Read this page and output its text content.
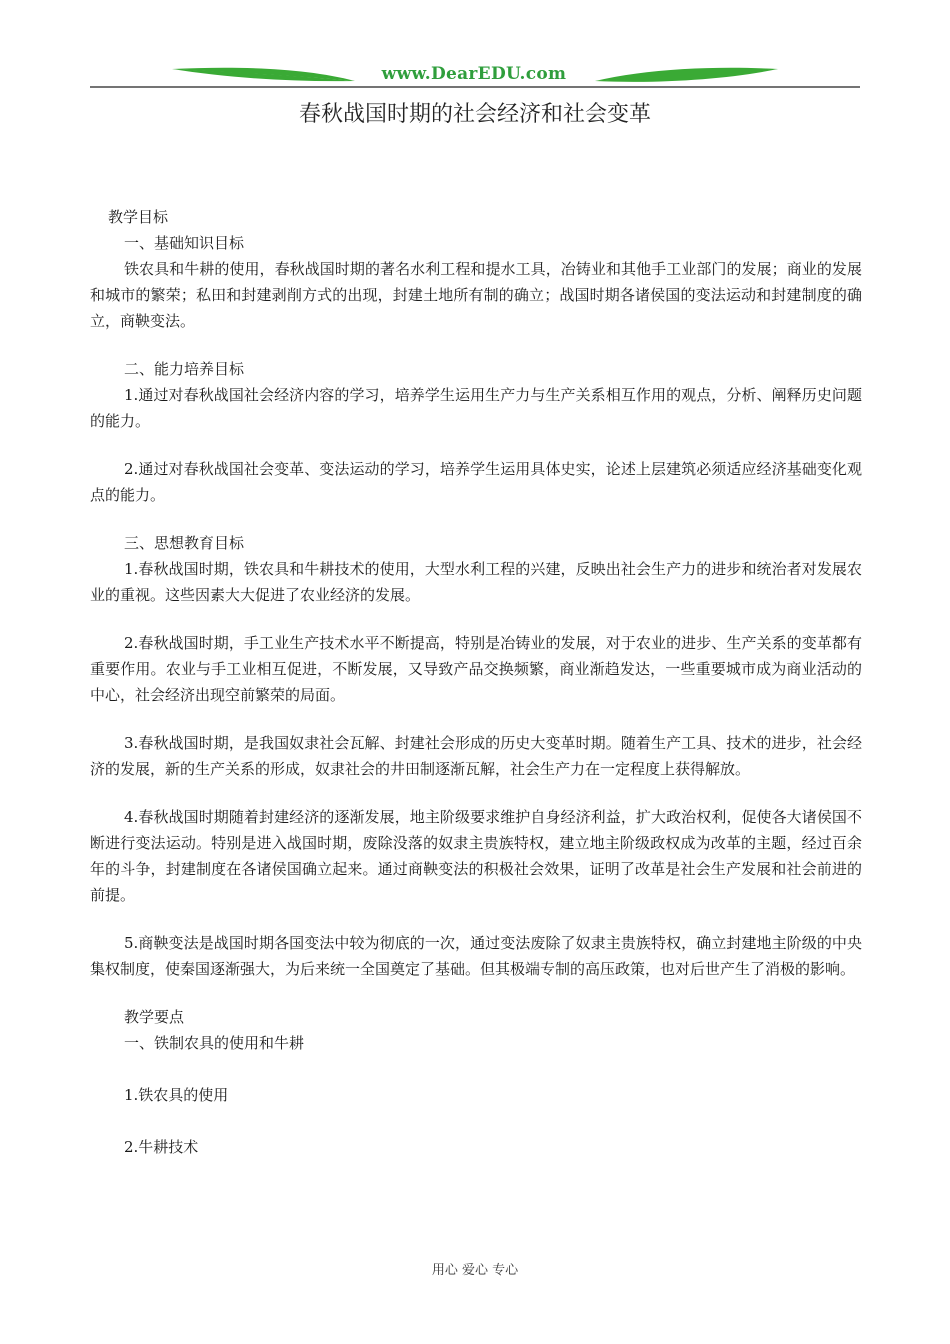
www.DearEDU.com
春秋战国时期的社会经济和社会变革

教学目标

一、基础知识目标

铁农具和牛耕的使用，春秋战国时期的著名水利工程和提水工具，冶铸业和其他手工业部门的发展；商业的发展和城市的繁荣；私田和封建剥削方式的出现，封建土地所有制的确立；战国时期各诸侯国的变法运动和封建制度的确立，商鞅变法。

二、能力培养目标

1.通过对春秋战国社会经济内容的学习，培养学生运用生产力与生产关系相互作用的观点，分析、阐释历史问题的能力。

2.通过对春秋战国社会变革、变法运动的学习，培养学生运用具体史实，论述上层建筑必须适应经济基础变化观点的能力。

三、思想教育目标

1.春秋战国时期，铁农具和牛耕技术的使用，大型水利工程的兴建，反映出社会生产力的进步和统治者对发展农业的重视。这些因素大大促进了农业经济的发展。

2.春秋战国时期，手工业生产技术水平不断提高，特别是冶铸业的发展，对于农业的进步、生产关系的变革都有重要作用。农业与手工业相互促进，不断发展，又导致产品交换频繁，商业渐趋发达，一些重要城市成为商业活动的中心，社会经济出现空前繁荣的局面。

3.春秋战国时期，是我国奴隶社会瓦解、封建社会形成的历史大变革时期。随着生产工具、技术的进步，社会经济的发展，新的生产关系的形成，奴隶社会的井田制逐渐瓦解，社会生产力在一定程度上获得解放。

4.春秋战国时期随着封建经济的逐渐发展，地主阶级要求维护自身经济利益，扩大政治权利，促使各大诸侯国不断进行变法运动。特别是进入战国时期，废除没落的奴隶主贵族特权，建立地主阶级政权成为改革的主题，经过百余年的斗争，封建制度在各诸侯国确立起来。通过商鞅变法的积极社会效果，证明了改革是社会生产发展和社会前进的前提。

5.商鞅变法是战国时期各国变法中较为彻底的一次，通过变法废除了奴隶主贵族特权，确立封建地主阶级的中央集权制度，使秦国逐渐强大，为后来统一全国奠定了基础。但其极端专制的高压政策，也对后世产生了消极的影响。

教学要点

一、铁制农具的使用和牛耕

1.铁农具的使用

2.牛耕技术

用心 爱心 专心
